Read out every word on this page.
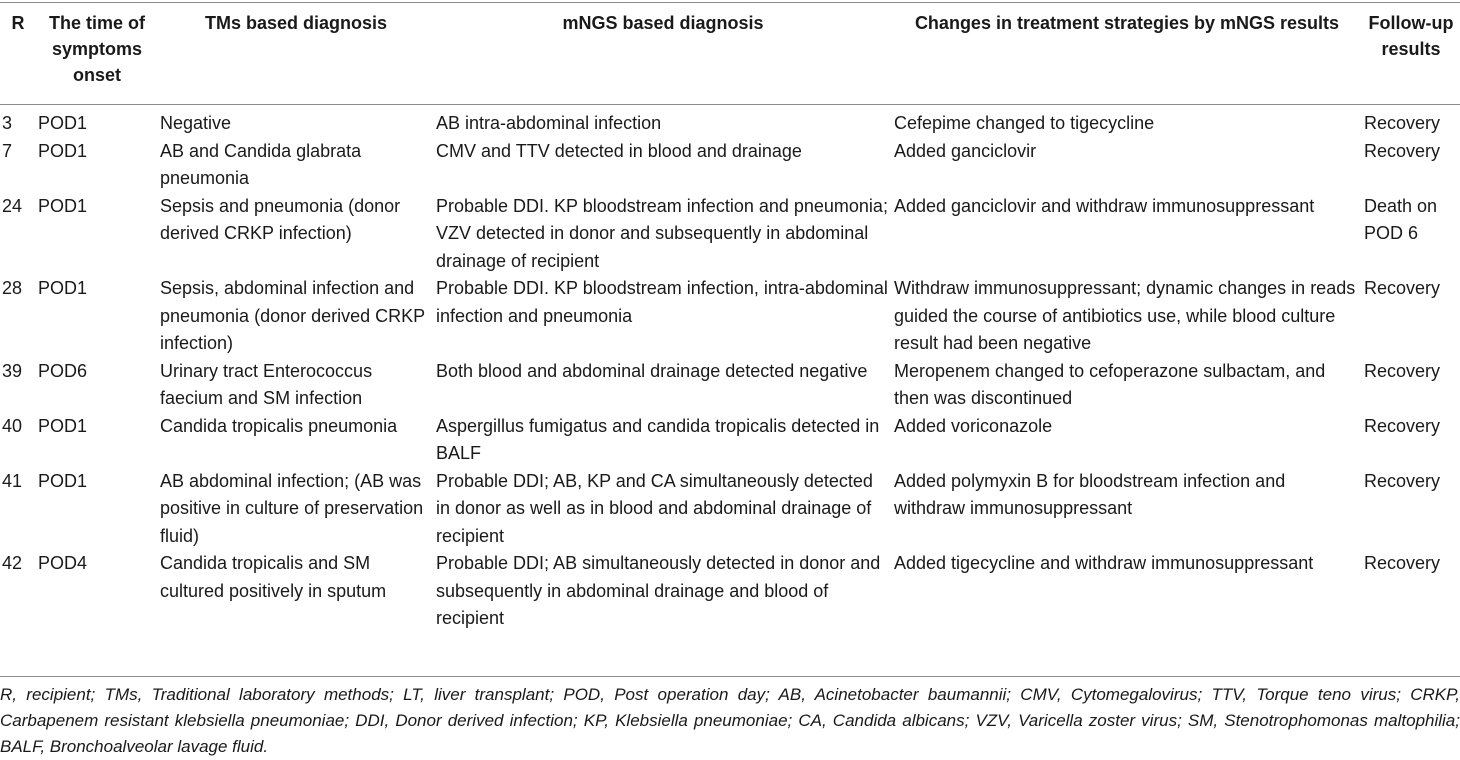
R	The time of symptoms onset	TMs based diagnosis	mNGS based diagnosis	Changes in treatment strategies by mNGS results	Follow-up results
3	POD1	Negative	AB intra-abdominal infection	Cefepime changed to tigecycline	Recovery
7	POD1	AB and Candida glabrata pneumonia	CMV and TTV detected in blood and drainage	Added ganciclovir	Recovery
24	POD1	Sepsis and pneumonia (donor derived CRKP infection)	Probable DDI. KP bloodstream infection and pneumonia; VZV detected in donor and subsequently in abdominal drainage of recipient	Added ganciclovir and withdraw immunosuppressant	Death on POD 6
28	POD1	Sepsis, abdominal infection and pneumonia (donor derived CRKP infection)	Probable DDI. KP bloodstream infection, intra-abdominal infection and pneumonia	Withdraw immunosuppressant; dynamic changes in reads guided the course of antibiotics use, while blood culture result had been negative	Recovery
39	POD6	Urinary tract Enterococcus faecium and SM infection	Both blood and abdominal drainage detected negative	Meropenem changed to cefoperazone sulbactam, and then was discontinued	Recovery
40	POD1	Candida tropicalis pneumonia	Aspergillus fumigatus and candida tropicalis detected in BALF	Added voriconazole	Recovery
41	POD1	AB abdominal infection; (AB was positive in culture of preservation fluid)	Probable DDI; AB, KP and CA simultaneously detected in donor as well as in blood and abdominal drainage of recipient	Added polymyxin B for bloodstream infection and withdraw immunosuppressant	Recovery
42	POD4	Candida tropicalis and SM cultured positively in sputum	Probable DDI; AB simultaneously detected in donor and subsequently in abdominal drainage and blood of recipient	Added tigecycline and withdraw immunosuppressant	Recovery

R, recipient; TMs, Traditional laboratory methods; LT, liver transplant; POD, Post operation day; AB, Acinetobacter baumannii; CMV, Cytomegalovirus; TTV, Torque teno virus; CRKP, Carbapenem resistant klebsiella pneumoniae; DDI, Donor derived infection; KP, Klebsiella pneumoniae; CA, Candida albicans; VZV, Varicella zoster virus; SM, Stenotrophomonas maltophilia; BALF, Bronchoalveolar lavage fluid.
